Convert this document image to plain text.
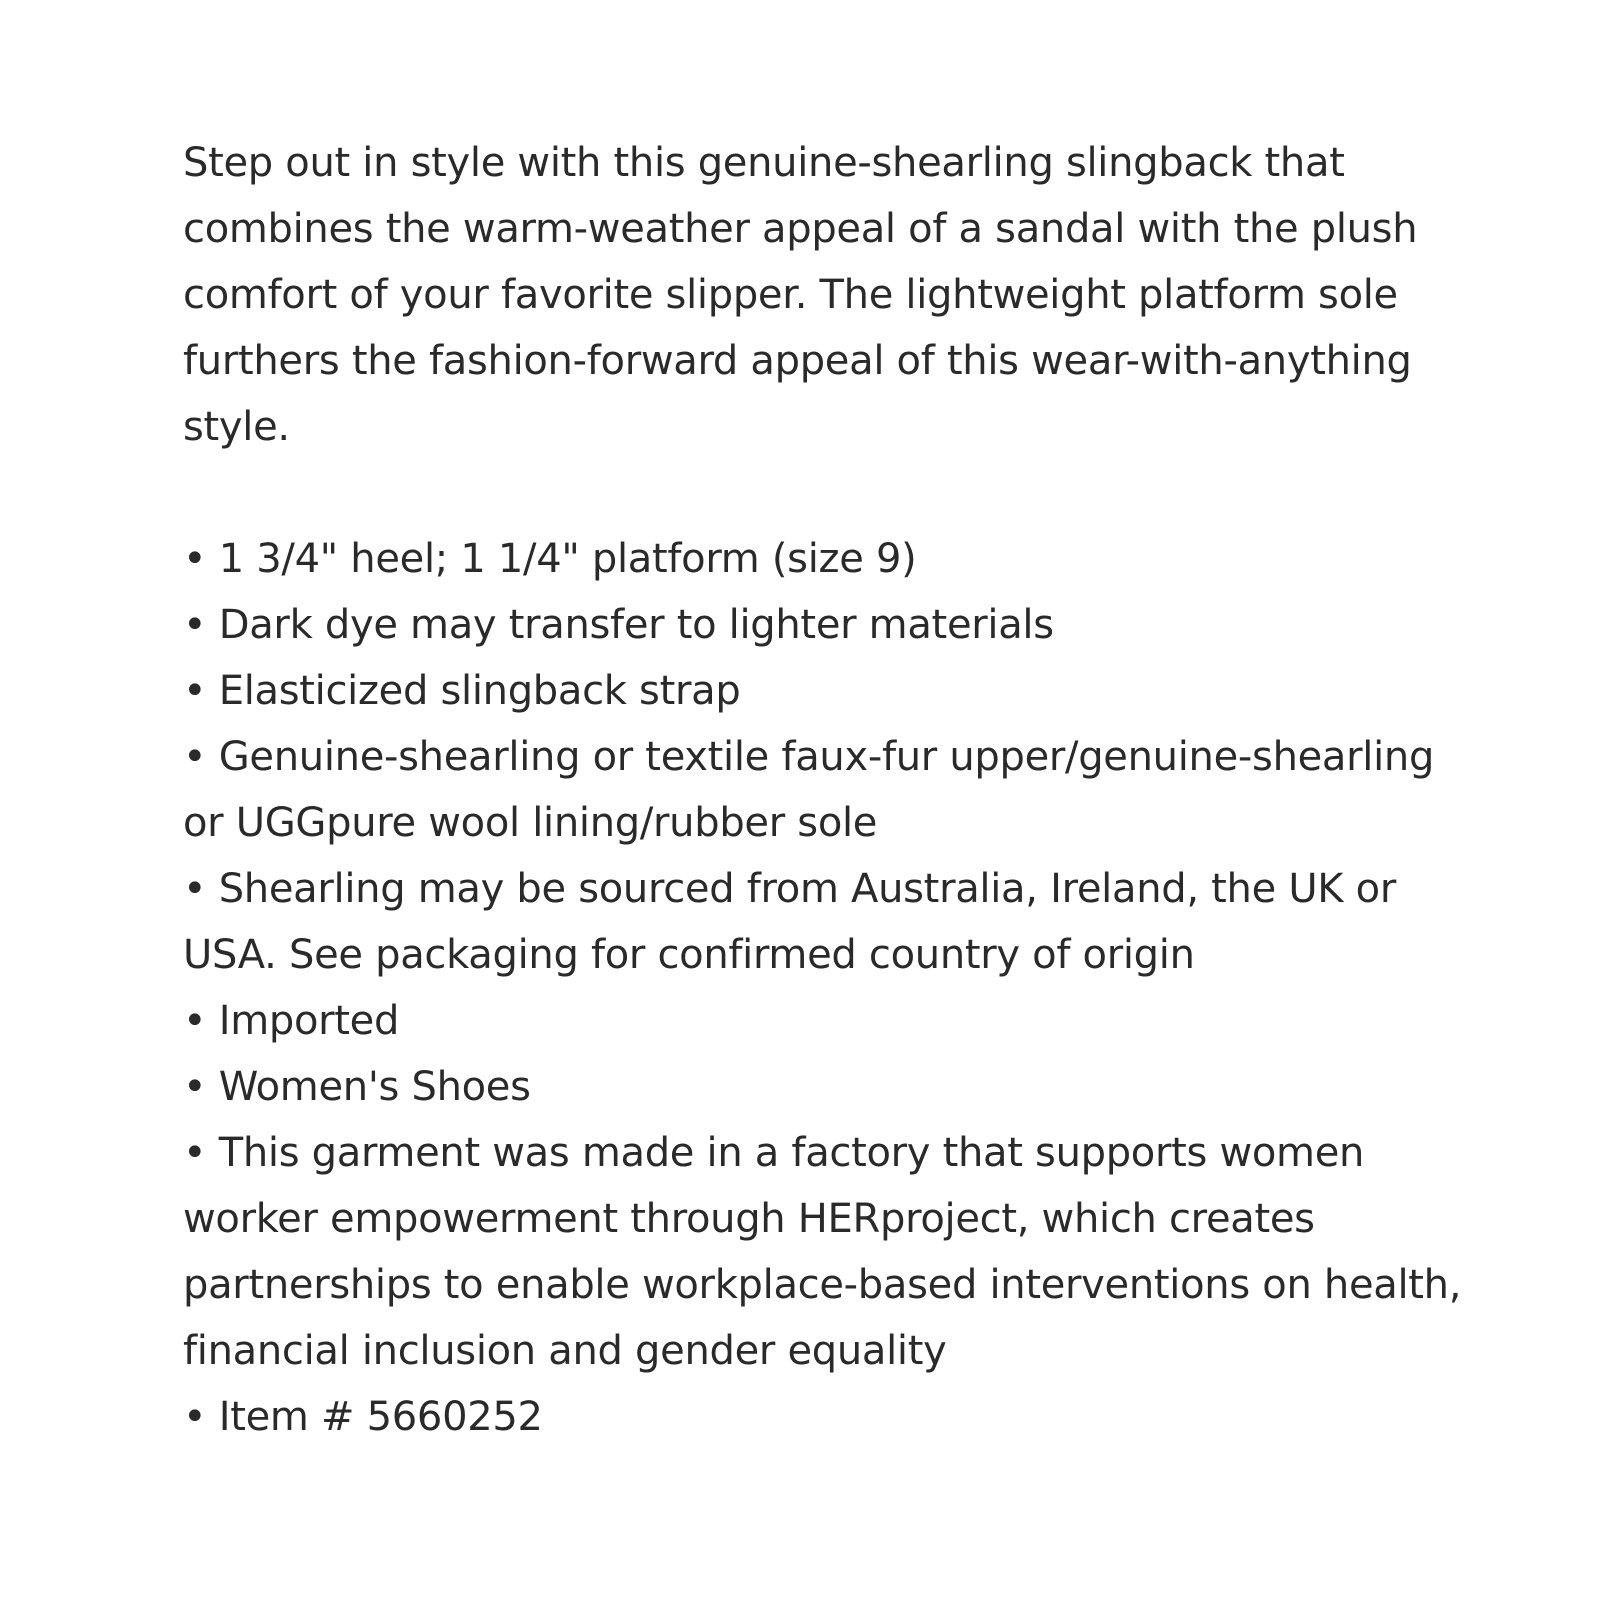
Step out in style with this genuine-shearling slingback that combines the warm-weather appeal of a sandal with the plush comfort of your favorite slipper. The lightweight platform sole furthers the fashion-forward appeal of this wear-with-anything style.

• 1 3/4" heel; 1 1/4" platform (size 9)
• Dark dye may transfer to lighter materials
• Elasticized slingback strap
• Genuine-shearling or textile faux-fur upper/genuine-shearling or UGGpure wool lining/rubber sole
• Shearling may be sourced from Australia, Ireland, the UK or USA. See packaging for confirmed country of origin
• Imported
• Women's Shoes
• This garment was made in a factory that supports women worker empowerment through HERproject, which creates partnerships to enable workplace-based interventions on health, financial inclusion and gender equality
• Item # 5660252
